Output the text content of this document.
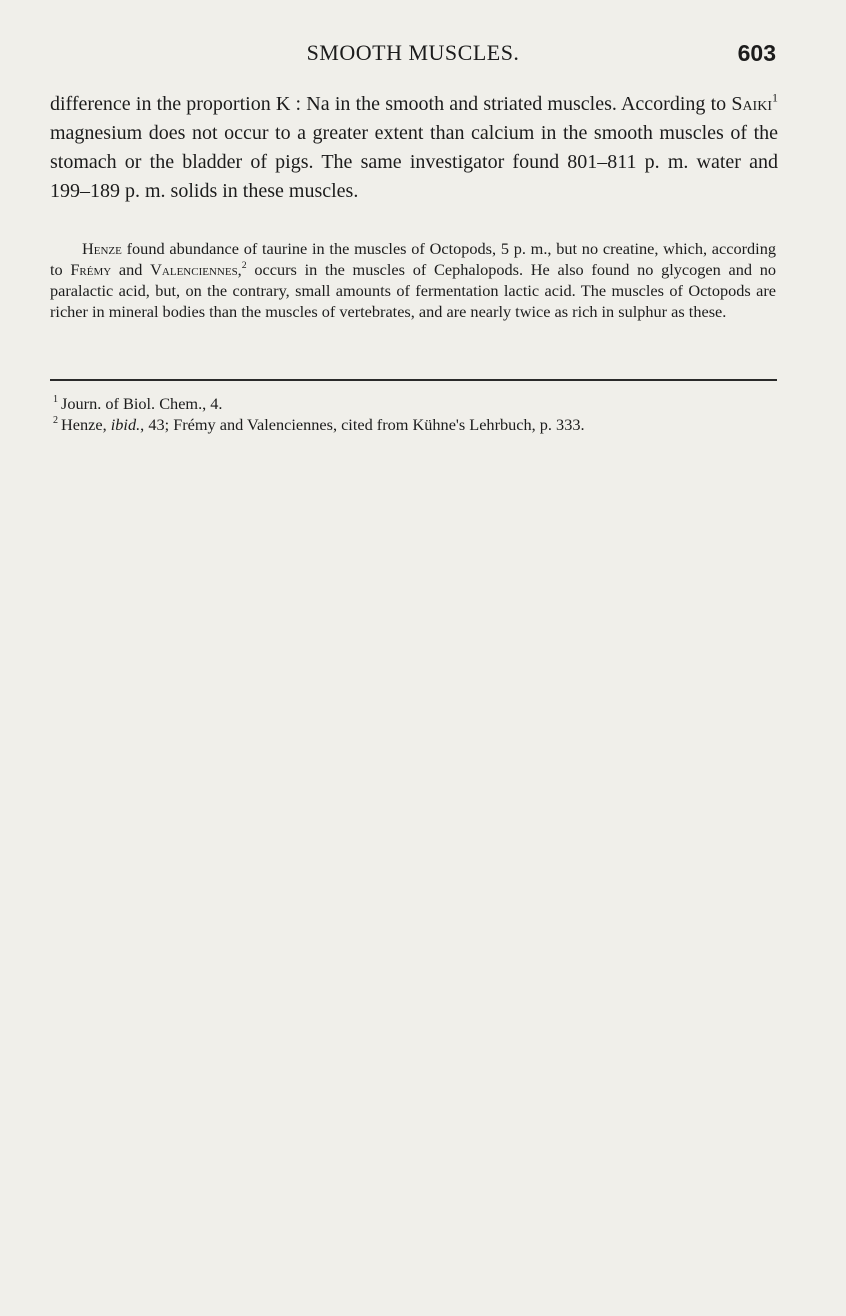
SMOOTH MUSCLES.	603

difference in the proportion K : Na in the smooth and striated muscles. According to Saiki$^1$ magnesium does not occur to a greater extent than calcium in the smooth muscles of the stomach or the bladder of pigs. The same investigator found 801–811 p. m. water and 199–189 p. m. solids in these muscles.

Henze found abundance of taurine in the muscles of Octopods, 5 p. m., but no creatine, which, according to Frémy and Valenciennes,$^2$ occurs in the muscles of Cephalopods. He also found no glycogen and no paralactic acid, but, on the contrary, small amounts of fermentation lactic acid. The muscles of Octopods are richer in mineral bodies than the muscles of vertebrates, and are nearly twice as rich in sulphur as these.

$^1$ Journ. of Biol. Chem., 4.

$^2$ Henze, ibid., 43; Frémy and Valenciennes, cited from Kühne's Lehrbuch, p. 333.
